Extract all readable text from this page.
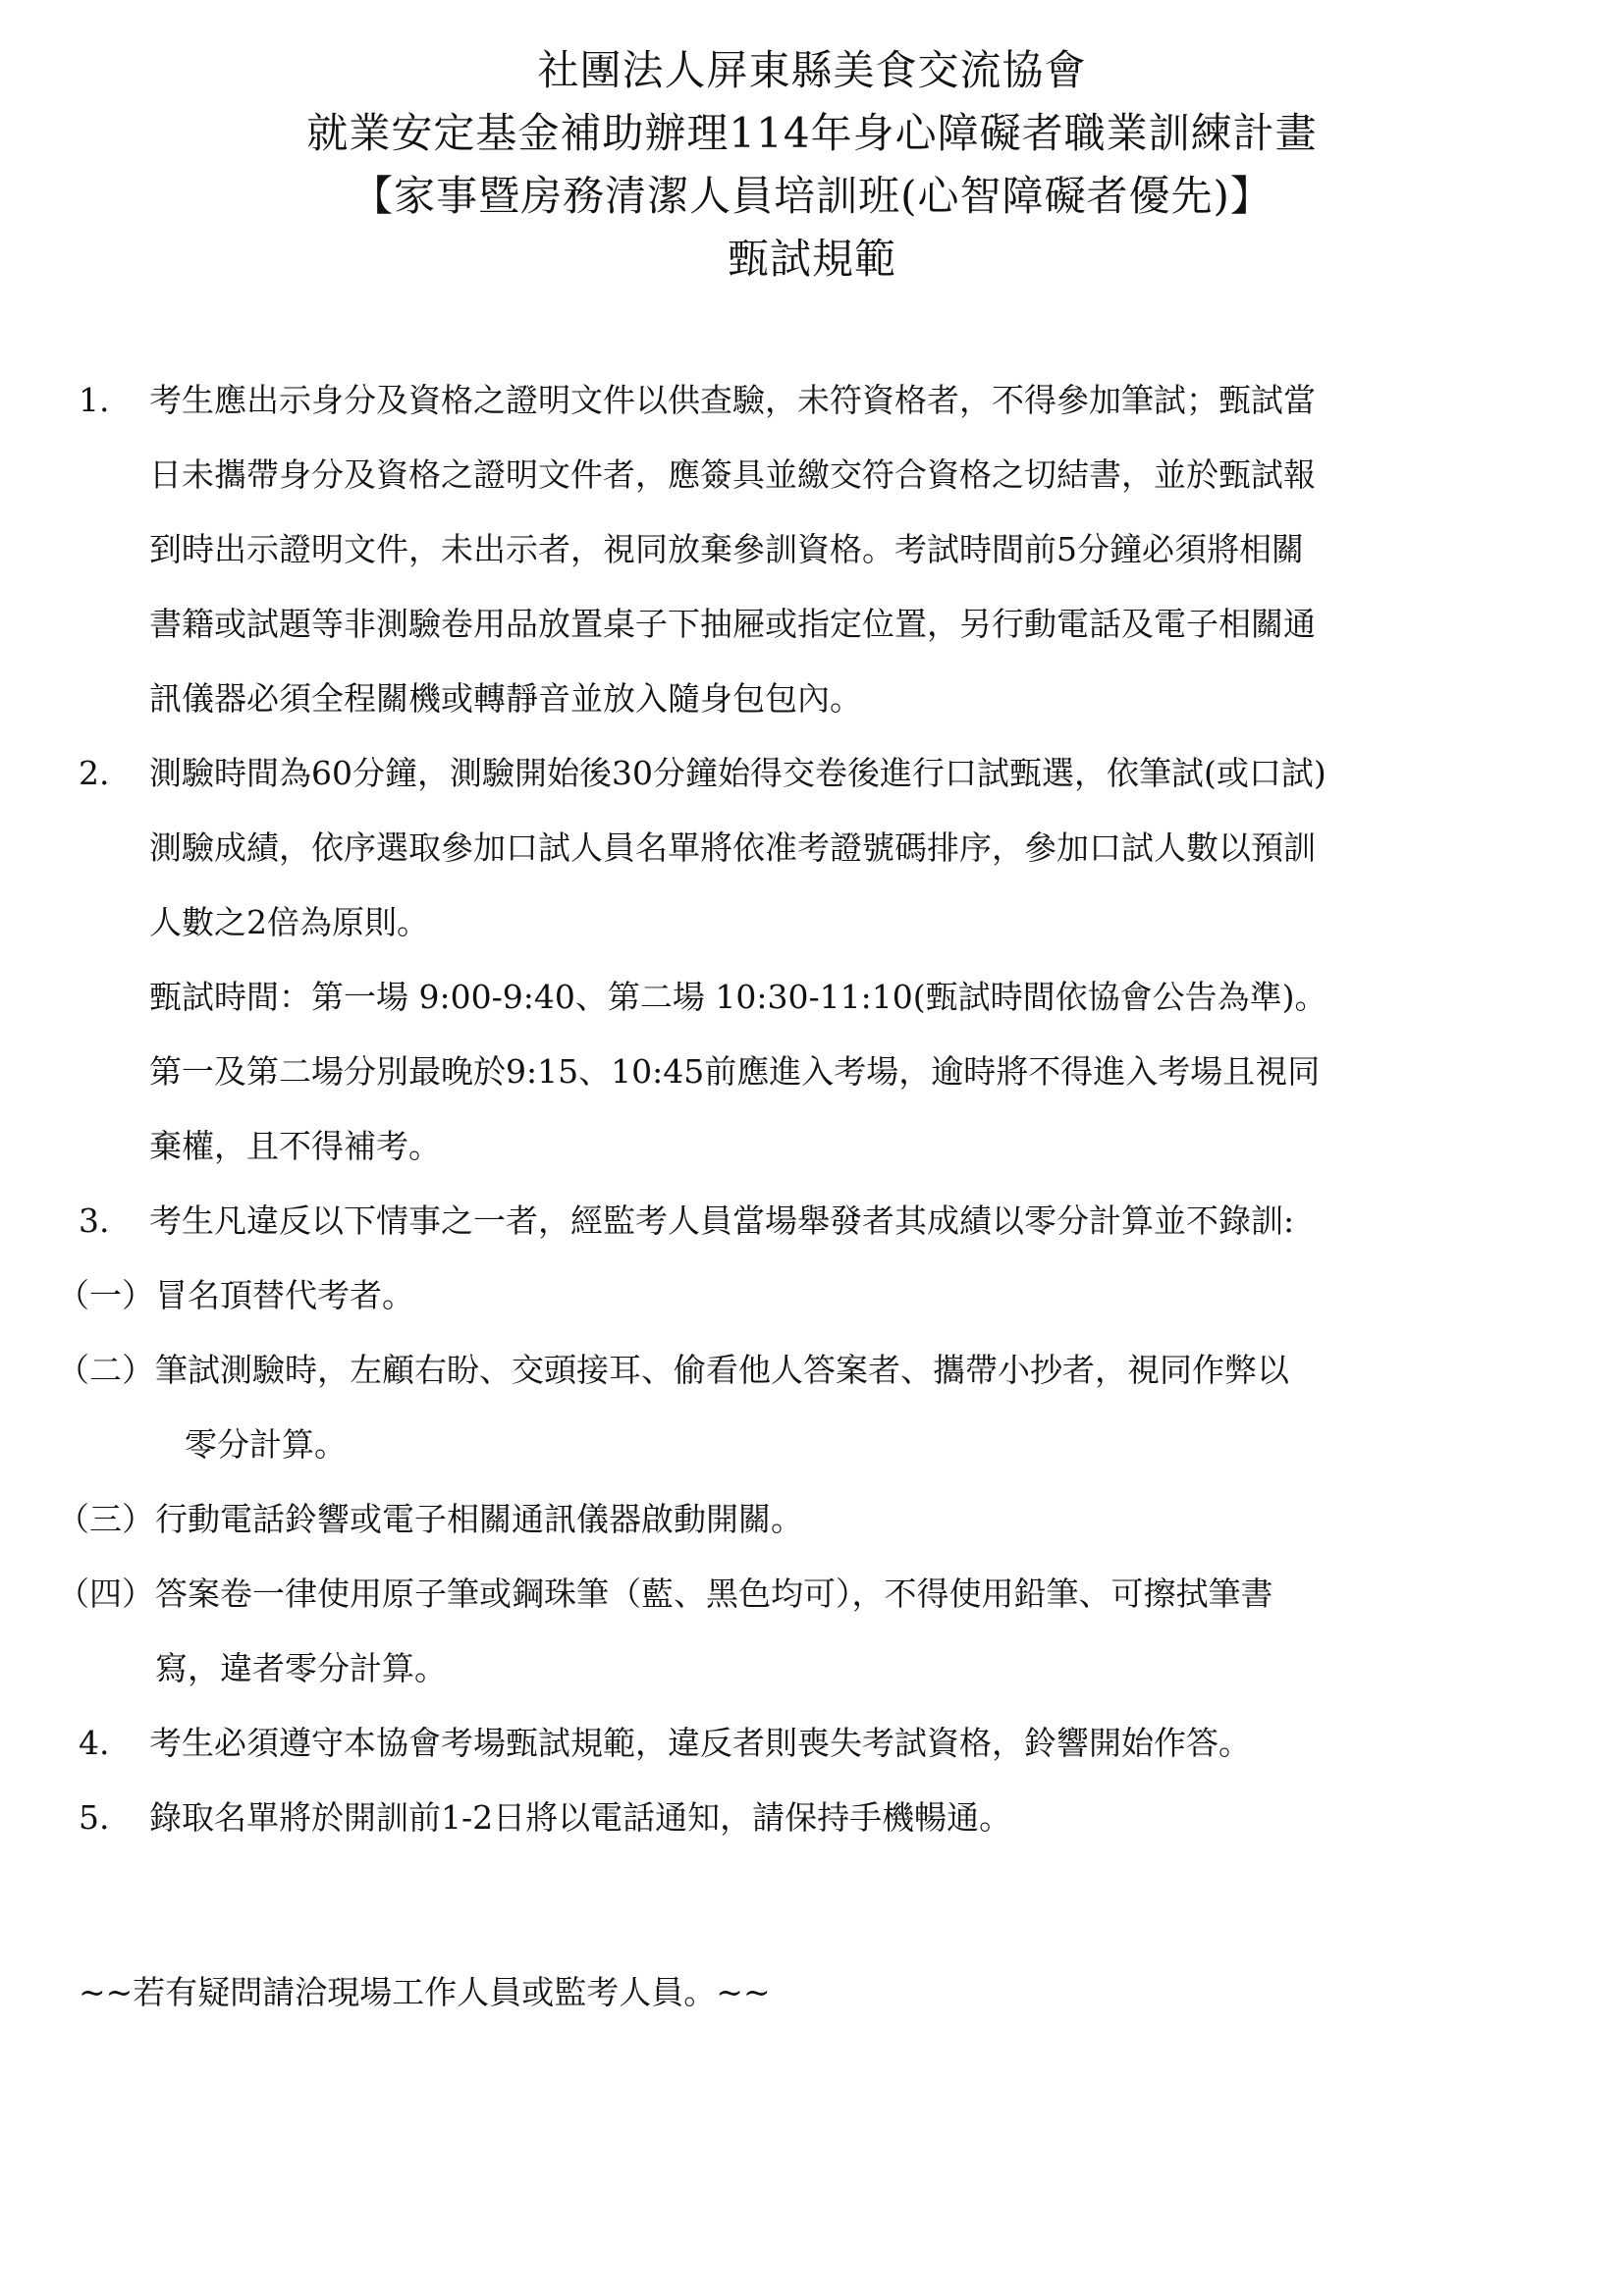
社團法人屏東縣美食交流協會
就業安定基金補助辦理114年身心障礙者職業訓練計畫
【家事暨房務清潔人員培訓班(心智障礙者優先)】
甄試規範
1. 考生應出示身分及資格之證明文件以供查驗，未符資格者，不得參加筆試；甄試當
日未攜帶身分及資格之證明文件者，應簽具並繳交符合資格之切結書，並於甄試報
到時出示證明文件，未出示者，視同放棄參訓資格。考試時間前5分鐘必須將相關
書籍或試題等非測驗卷用品放置桌子下抽屜或指定位置，另行動電話及電子相關通
訊儀器必須全程關機或轉靜音並放入隨身包包內。
2. 測驗時間為60分鐘，測驗開始後30分鐘始得交卷後進行口試甄選，依筆試(或口試)
測驗成績，依序選取參加口試人員名單將依准考證號碼排序，參加口試人數以預訓
人數之2倍為原則。
甄試時間：第一場 9:00-9:40、第二場 10:30-11:10(甄試時間依協會公告為準)。
第一及第二場分別最晚於9:15、10:45前應進入考場，逾時將不得進入考場且視同
棄權，且不得補考。
3. 考生凡違反以下情事之一者，經監考人員當場舉發者其成績以零分計算並不錄訓:
（一） 冒名頂替代考者。
（二） 筆試測驗時，左顧右盼、交頭接耳、偷看他人答案者、攜帶小抄者，視同作弊以
零分計算。
（三） 行動電話鈴響或電子相關通訊儀器啟動開關。
（四） 答案卷一律使用原子筆或鋼珠筆（藍、黑色均可），不得使用鉛筆、可擦拭筆書
寫，違者零分計算。
4. 考生必須遵守本協會考場甄試規範，違反者則喪失考試資格，鈴響開始作答。
5. 錄取名單將於開訓前1-2日將以電話通知，請保持手機暢通。
~~若有疑問請洽現場工作人員或監考人員。~~
